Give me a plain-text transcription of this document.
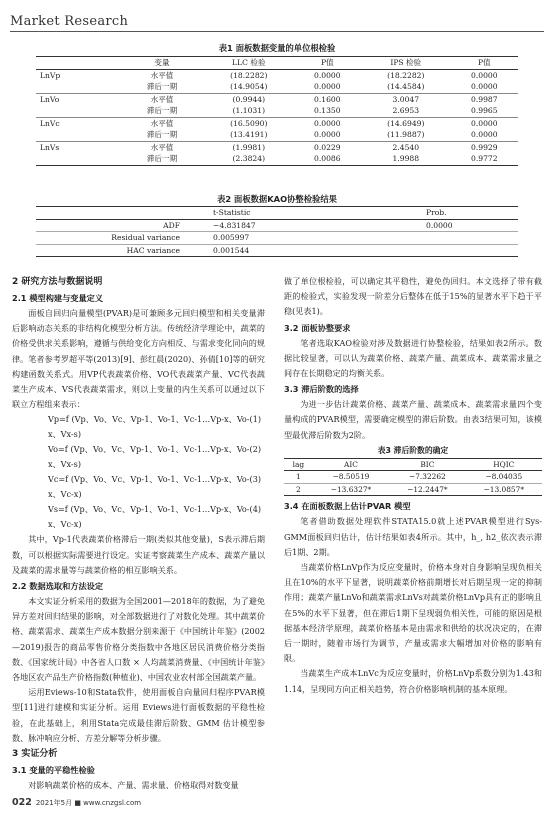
Market Research
表1 面板数据变量的单位根检验
	变量	LLC 检验	P值	IPS 检验	P值
LnVp	水平值	(18.2282)	0.0000	(18.2282)	0.0000
	滞后一期	(14.9054)	0.0000	(14.4584)	0.0000
LnVo	水平值	(0.9944)	0.1600	3.0047	0.9987
	滞后一期	(1.1031)	0.1350	2.6953	0.9965
LnVc	水平值	(16.5090)	0.0000	(14.6949)	0.0000
	滞后一期	(13.4191)	0.0000	(11.9887)	0.0000
LnVs	水平值	(1.9981)	0.0229	2.4540	0.9929
	滞后一期	(2.3824)	0.0086	1.9988	0.9772
表2 面板数据KAO协整检验结果
	t-Statistic	Prob.
ADF	−4.831847	0.0000
Residual variance	0.005997	
HAC variance	0.001544	

2 研究方法与数据说明

2.1 模型构建与变量定义

面板自回归向量模型(PVAR)是可兼顾多元回归模型和相关变量滞后影响动态关系的非结构化模型分析方法。传统经济学理论中，蔬菜的价格受供求关系影响，遵循与供给变化方向相反、与需求变化同向的规律。笔者参考罗超平等(2013)[9]、彭红晨(2020)、孙倩[10]等的研究构建函数关系式。用VP代表蔬菜价格、VO代表蔬菜产量、VC代表蔬菜生产成本、VS代表蔬菜需求，则以上变量的内生关系可以通过以下联立方程组来表示：

Vp=f (Vp、Vo、Vc、Vp-1、Vo-1、Vc-1…Vp-x、Vo-x、Vx-s)
(1)
Vo=f (Vp、Vo、Vc、Vp-1、Vo-1、Vc-1…Vp-x、Vo-x、Vx-s)
(2)
Vc=f (Vp、Vo、Vc、Vp-1、Vo-1、Vc-1…Vp-x、Vo-x、Vc-x)
(3)
Vs=f (Vp、Vo、Vc、Vp-1、Vo-1、Vc-1…Vp-x、Vo-x、Vc-x)
(4)

其中，Vp-1代表蔬菜价格滞后一期(类似其他变量)，S表示滞后期数，可以根据实际需要进行设定。实证考察蔬菜生产成本、蔬菜产量以及蔬菜的需求量等与蔬菜价格的相互影响关系。

2.2 数据选取和方法设定

本文实证分析采用的数据为全国2001—2018年的数据，为了避免异方差对回归结果的影响，对全部数据进行了对数化处理。其中蔬菜价格、蔬菜需求、蔬菜生产成本数据分别来源于《中国统计年鉴》(2002—2019)报告的商品零售价格分类指数中各地区居民消费价格分类指数、《国家统计局》中各省人口数 × 人均蔬菜消费量、《中国统计年鉴》各地区农产品生产价格指数(种植业)、中国农业农村部全国蔬菜产量。

运用Eviews-10和Stata软件，使用面板自向量回归程序PVAR模型[11]进行建模和实证分析。运用 Eviews进行面板数据的平稳性检验，在此基础上，利用Stata完成最佳滞后阶数、GMM 估计模型参数、脉冲响应分析、方差分解等分析步骤。

3 实证分析

3.1 变量的平稳性检验

对影响蔬菜价格的成本、产量、需求量、价格取得对数变量

做了单位根检验，可以确定其平稳性，避免伪回归。本文选择了带有截距的检验式，实验发现一阶差分后整体在低于15%的显著水平下趋于平稳(见表1)。

3.2 面板协整要求

笔者选取KAO检验对涉及数据进行协整检验，结果如表2所示。数据比较显著，可以认为蔬菜价格、蔬菜产量、蔬菜成本、蔬菜需求量之间存在长期稳定的均衡关系。

3.3 滞后阶数的选择

为进一步估计蔬菜价格、蔬菜产量、蔬菜成本、蔬菜需求量四个变量构成的PVAR模型，需要确定模型的滞后阶数。由表3结果可知，该模型最优滞后阶数为2阶。

表3 滞后阶数的确定
lag	AIC	BIC	HQIC
1	−8.50519	−7.32262	−8.04035
2	−13.6327*	−12.2447*	−13.0857*

3.4 在面板数据上估计PVAR 模型

笔者借助数据处理软件STATA15.0就上述PVAR模型进行Sys-GMM面板回归估计，估计结果如表4所示。其中，h_, h2_依次表示滞后1期、2期。

当蔬菜价格LnVp作为反应变量时，价格本身对自身影响呈现负相关且在10%的水平下显著，说明蔬菜价格前期增长对后期呈现一定的抑制作用；蔬菜产量LnVo和蔬菜需求LnVs对蔬菜价格LnVp具有正的影响且在5%的水平下显著，但在滞后1期下呈现弱负相关性，可能的原因是根据基本经济学原理，蔬菜价格基本是由需求和供给的状况决定的，在滞后一期时，随着市场行为调节，产量或需求大幅增加对价格的影响有限。

当蔬菜生产成本LnVc为反应变量时，价格LnVp系数分别为1.43和1.14，呈现同方向正相关趋势，符合价格影响机制的基本原理。

022 2021年5月 ■ www.cnzgsl.com
